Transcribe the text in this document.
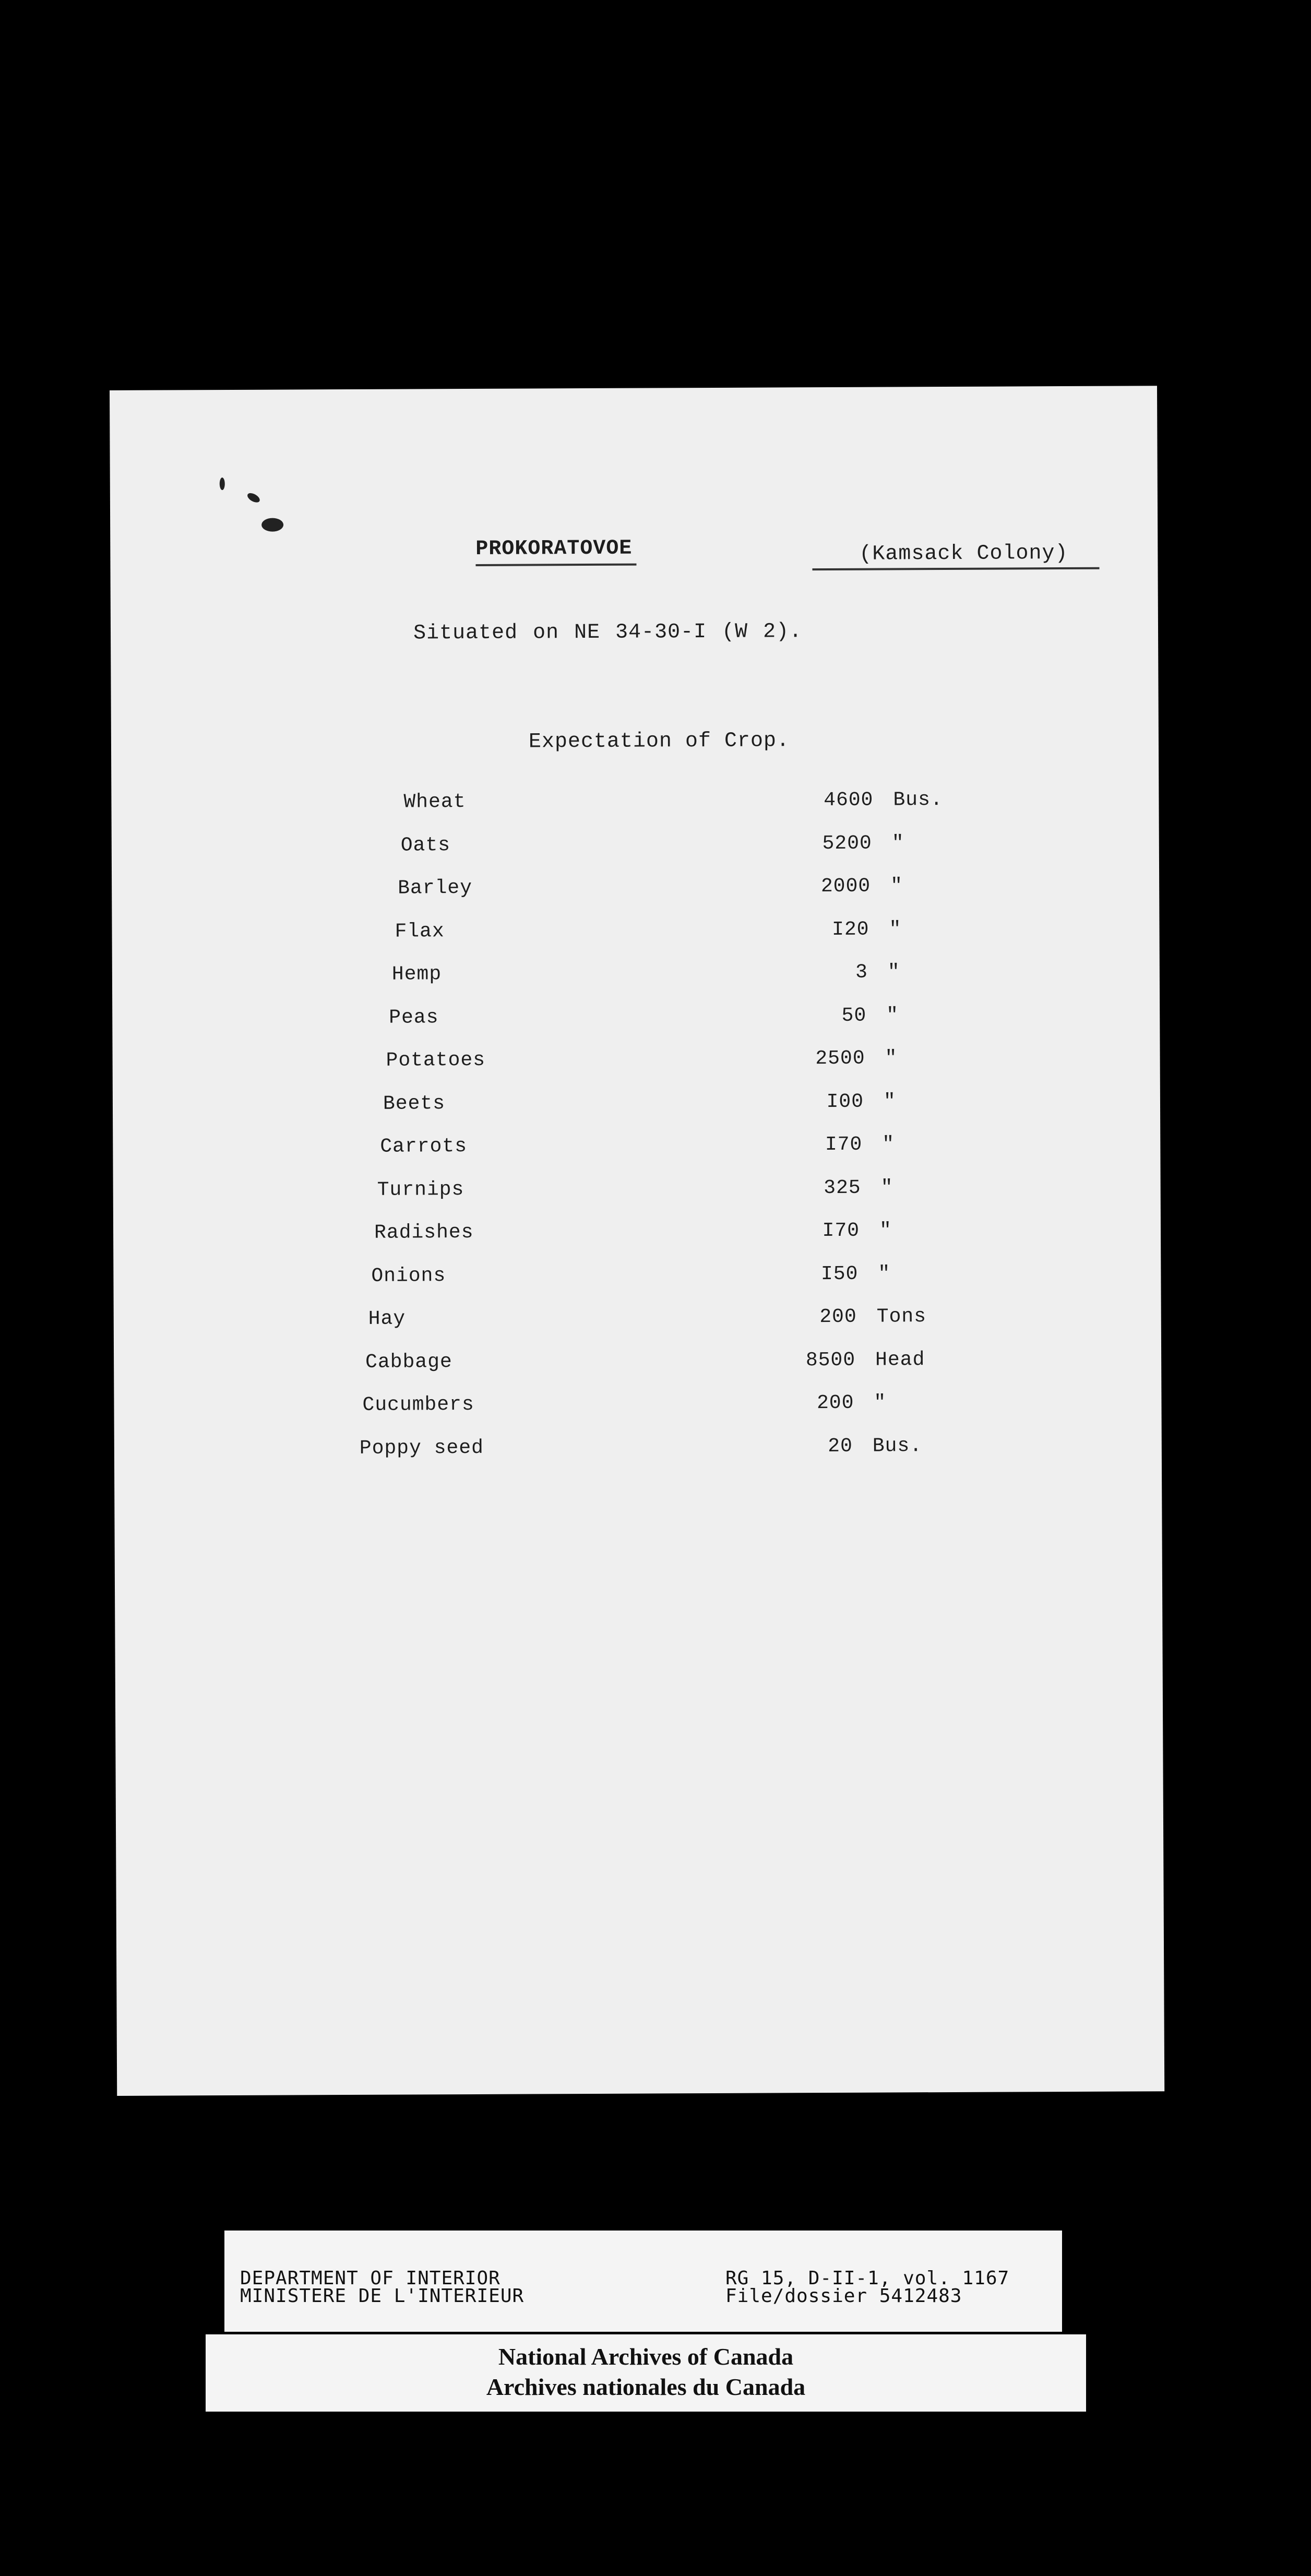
PROKORATOVOE	(Kamsack Colony)
Situated on NE 34-30-I (W 2).
Expectation of Crop.
Wheat	4600 Bus.
Oats	5200 "
Barley	2000 "
Flax	I20 "
Hemp	3 "
Peas	50 "
Potatoes	2500 "
Beets	I00 "
Carrots	I70 "
Turnips	325 "
Radishes	I70 "
Onions	I50 "
Hay	200 Tons
Cabbage	8500 Head
Cucumbers	200 "
Poppy seed	20 Bus.
DEPARTMENT OF INTERIOR
MINISTERE DE L'INTERIEUR
RG 15, D-II-1, vol. 1167
File/dossier 5412483
National Archives of Canada
Archives nationales du Canada
